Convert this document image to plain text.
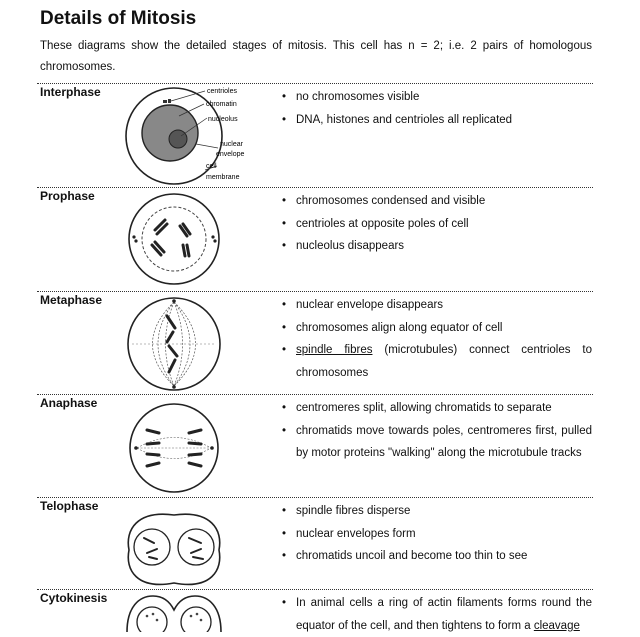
Details of Mitosis
These diagrams show the detailed stages of mitosis. This cell has n = 2; i.e. 2 pairs of homologous chromosomes.
Interphase	centrioles
chromatin
nucleolus
nuclear
envelope
cell
membrane
• no chromosomes visible
• DNA, histones and centrioles all replicated
Prophase	• chromosomes condensed and visible
• centrioles at opposite poles of cell
• nucleolus disappears
Metaphase	• nuclear envelope disappears
• chromosomes align along equator of cell
• spindle fibres (microtubules) connect centrioles to chromosomes
Anaphase	• centromeres split, allowing chromatids to separate
• chromatids move towards poles, centromeres first, pulled by motor proteins "walking" along the microtubule tracks
Telophase	• spindle fibres disperse
• nuclear envelopes form
• chromatids uncoil and become too thin to see
Cytokinesis	• In animal cells a ring of actin filaments forms round the equator of the cell, and then tightens to form a cleavage
